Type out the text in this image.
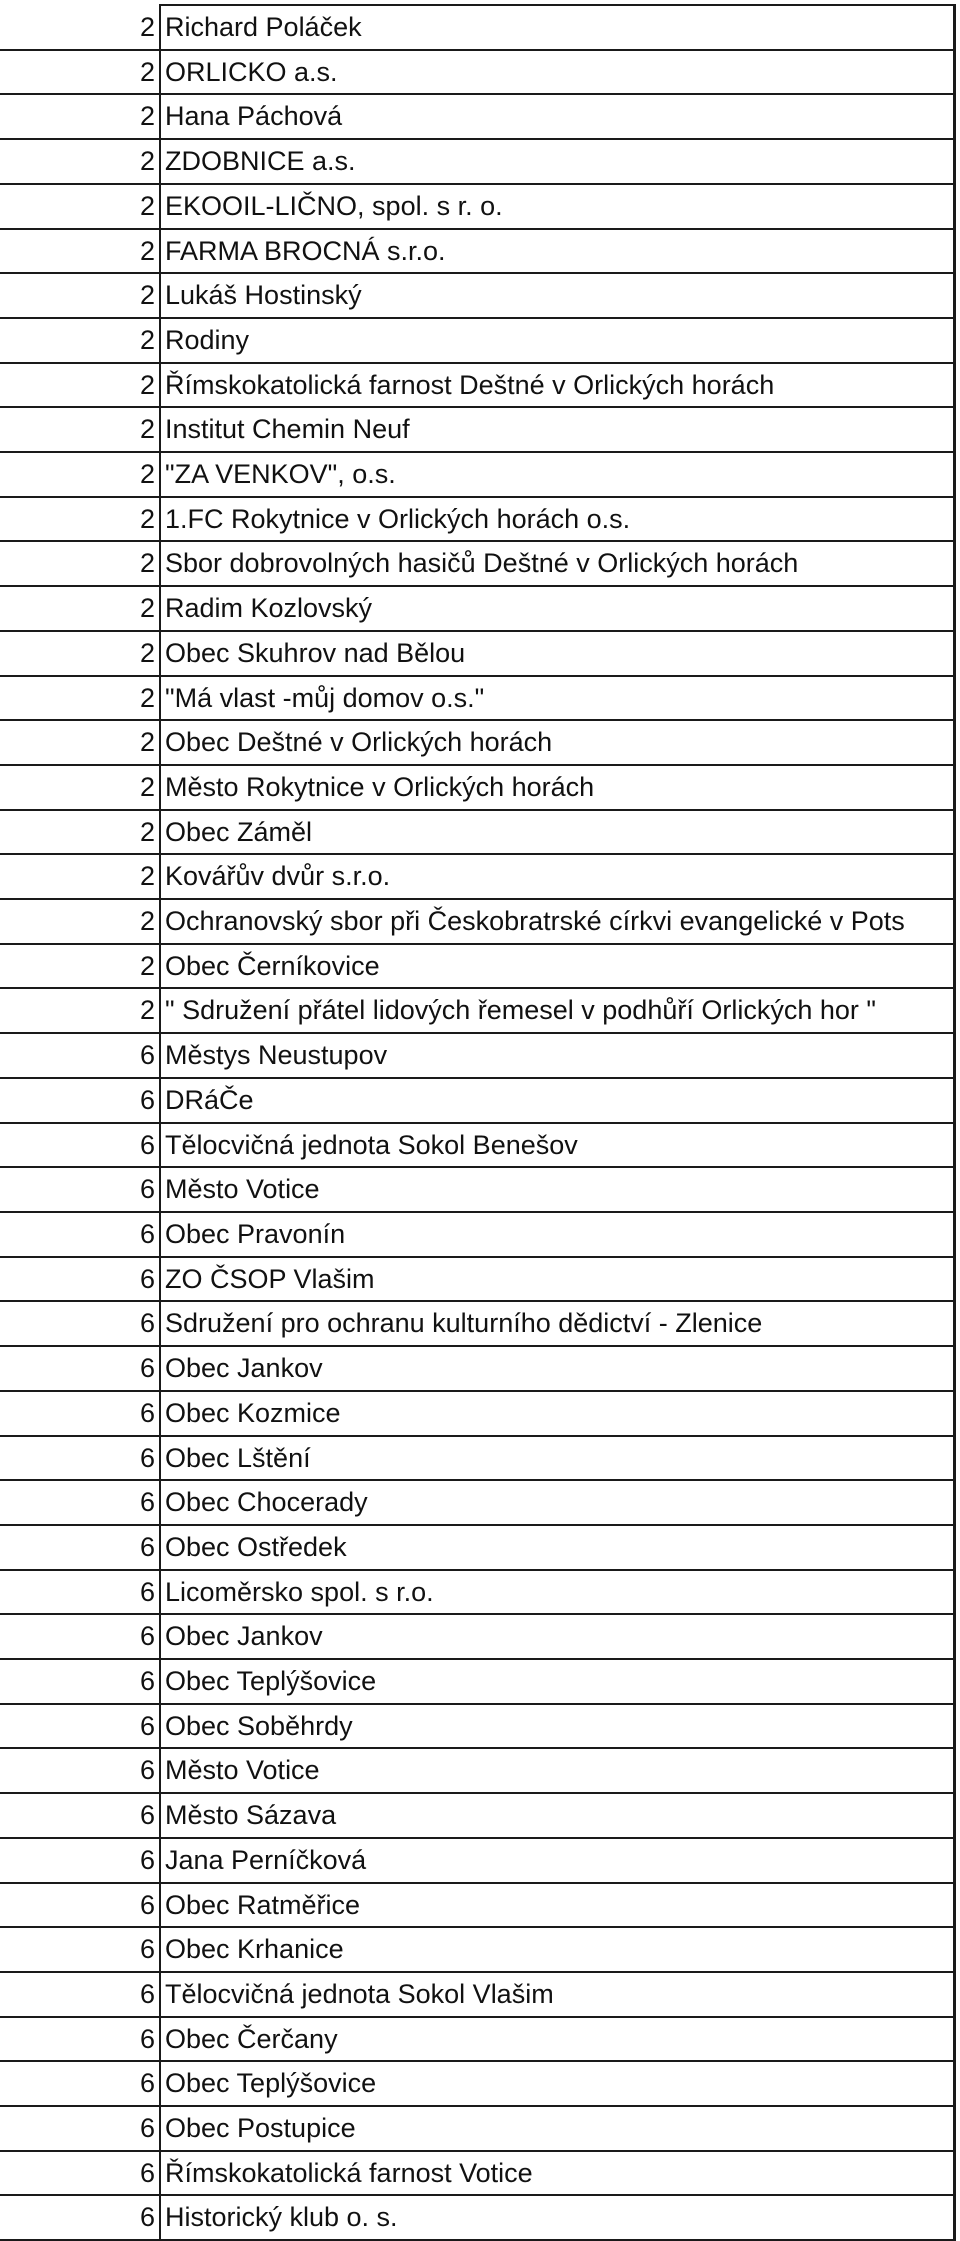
2	Richard Poláček
2	ORLICKO a.s.
2	Hana Páchová
2	ZDOBNICE a.s.
2	EKOOIL-LIČNO, spol. s r. o.
2	FARMA BROCNÁ s.r.o.
2	Lukáš Hostinský
2	Rodiny
2	Římskokatolická farnost Deštné v Orlických horách
2	Institut Chemin Neuf
2	"ZA VENKOV", o.s.
2	1.FC Rokytnice v Orlických horách o.s.
2	Sbor dobrovolných hasičů Deštné v Orlických horách
2	Radim Kozlovský
2	Obec Skuhrov nad Bělou
2	"Má vlast -můj domov o.s."
2	Obec Deštné v Orlických horách
2	Město Rokytnice v Orlických horách
2	Obec Záměl
2	Kovářův dvůr s.r.o.
2	Ochranovský sbor při Českobratrské církvi evangelické v Pots
2	Obec Černíkovice
2	" Sdružení přátel lidových řemesel v podhůří Orlických hor "
6	Městys Neustupov
6	DRáČe
6	Tělocvičná jednota Sokol Benešov
6	Město Votice
6	Obec Pravonín
6	ZO ČSOP Vlašim
6	Sdružení pro ochranu kulturního dědictví - Zlenice
6	Obec Jankov
6	Obec Kozmice
6	Obec Lštění
6	Obec Chocerady
6	Obec Ostředek
6	Licoměrsko spol. s r.o.
6	Obec Jankov
6	Obec Teplýšovice
6	Obec Soběhrdy
6	Město Votice
6	Město Sázava
6	Jana Perníčková
6	Obec Ratměřice
6	Obec Krhanice
6	Tělocvičná jednota Sokol Vlašim
6	Obec Čerčany
6	Obec Teplýšovice
6	Obec Postupice
6	Římskokatolická farnost Votice
6	Historický klub o. s.
